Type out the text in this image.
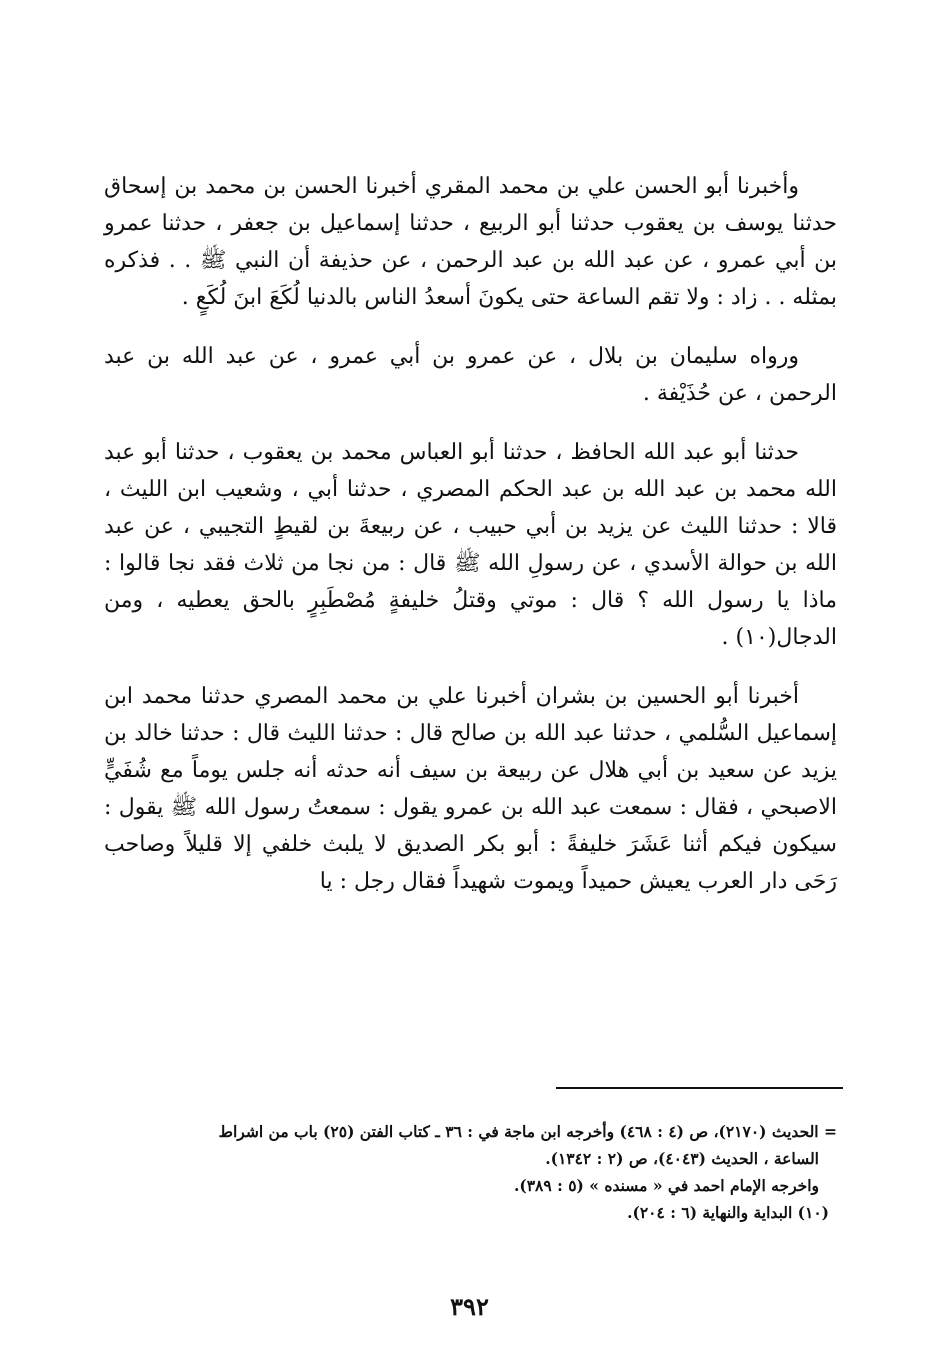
وأخبرنا أبو الحسن علي بن محمد المقري أخبرنا الحسن بن محمد بن إسحاق حدثنا يوسف بن يعقوب حدثنا أبو الربيع ، حدثنا إسماعيل بن جعفر ، حدثنا عمرو بن أبي عمرو ، عن عبد الله بن عبد الرحمن ، عن حذيفة أن النبي ﷺ . . فذكره بمثله . . زاد : ولا تقم الساعة حتى يكونَ أسعدُ الناس بالدنيا لُكَعَ ابنَ لُكَعٍ .

ورواه سليمان بن بلال ، عن عمرو بن أبي عمرو ، عن عبد الله بن عبد الرحمن ، عن حُذَيْفة .

حدثنا أبو عبد الله الحافظ ، حدثنا أبو العباس محمد بن يعقوب ، حدثنا أبو عبد الله محمد بن عبد الله بن عبد الحكم المصري ، حدثنا أبي ، وشعيب ابن الليث ، قالا : حدثنا الليث عن يزيد بن أبي حبيب ، عن ربيعةَ بن لقيطٍ التجيبي ، عن عبد الله بن حوالة الأسدي ، عن رسولِ الله ﷺ قال : من نجا من ثلاث فقد نجا قالوا : ماذا يا رسول الله ؟ قال : موتي وقتلُ خليفةٍ مُصْطَبِرٍ بالحق يعطيه ، ومن الدجال(١٠) .

أخبرنا أبو الحسين بن بشران أخبرنا علي بن محمد المصري حدثنا محمد ابن إسماعيل السُّلمي ، حدثنا عبد الله بن صالح قال : حدثنا الليث قال : حدثنا خالد بن يزيد عن سعيد بن أبي هلال عن ربيعة بن سيف أنه حدثه أنه جلس يوماً مع شُفَيٍّ الاصبحي ، فقال : سمعت عبد الله بن عمرو يقول : سمعتُ رسول الله ﷺ يقول : سيكون فيكم أثنا عَشَرَ خليفةً : أبو بكر الصديق لا يلبث خلفي إلا قليلاً وصاحب رَحَى دار العرب يعيش حميداً ويموت شهيداً فقال رجل : يا

= الحديث (٢١٧٠)، ص (٤ : ٤٦٨) وأخرجه ابن ماجة في : ٣٦ ـ كتاب الفتن (٢٥) باب من اشراط

الساعة ، الحديث (٤٠٤٣)، ص (٢ : ١٣٤٢).

واخرجه الإمام احمد في « مسنده » (٥ : ٣٨٩).

(١٠) البداية والنهاية (٦ : ٢٠٤).

٣٩٢
